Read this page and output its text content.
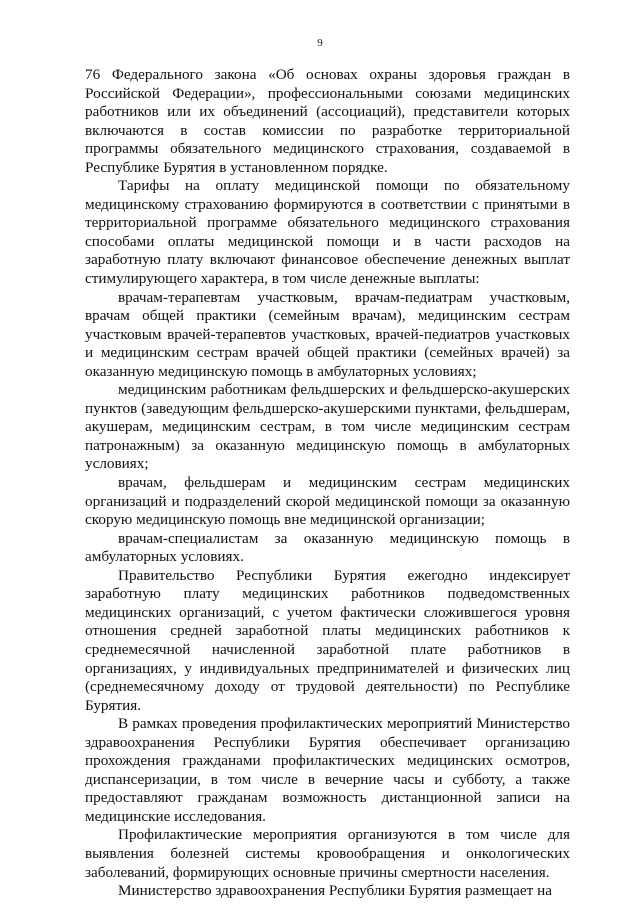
9

76 Федерального закона «Об основах охраны здоровья граждан в Российской Федерации», профессиональными союзами медицинских работников или их объединений (ассоциаций), представители которых включаются в состав комиссии по разработке территориальной программы обязательного медицинского страхования, создаваемой в Республике Бурятия в установленном порядке.

Тарифы на оплату медицинской помощи по обязательному медицинскому страхованию формируются в соответствии с принятыми в территориальной программе обязательного медицинского страхования способами оплаты медицинской помощи и в части расходов на заработную плату включают финансовое обеспечение денежных выплат стимулирующего характера, в том числе денежные выплаты:

врачам-терапевтам участковым, врачам-педиатрам участковым, врачам общей практики (семейным врачам), медицинским сестрам участковым врачей-терапевтов участковых, врачей-педиатров участковых и медицинским сестрам врачей общей практики (семейных врачей) за оказанную медицинскую помощь в амбулаторных условиях;

медицинским работникам фельдшерских и фельдшерско-акушерских пунктов (заведующим фельдшерско-акушерскими пунктами, фельдшерам, акушерам, медицинским сестрам, в том числе медицинским сестрам патронажным) за оказанную медицинскую помощь в амбулаторных условиях;

врачам, фельдшерам и медицинским сестрам медицинских организаций и подразделений скорой медицинской помощи за оказанную скорую медицинскую помощь вне медицинской организации;

врачам-специалистам за оказанную медицинскую помощь в амбулаторных условиях.

Правительство Республики Бурятия ежегодно индексирует заработную плату медицинских работников подведомственных медицинских организаций, с учетом фактически сложившегося уровня отношения средней заработной платы медицинских работников к среднемесячной начисленной заработной плате работников в организациях, у индивидуальных предпринимателей и физических лиц (среднемесячному доходу от трудовой деятельности) по Республике Бурятия.

В рамках проведения профилактических мероприятий Министерство здравоохранения Республики Бурятия обеспечивает организацию прохождения гражданами профилактических медицинских осмотров, диспансеризации, в том числе в вечерние часы и субботу, а также предоставляют гражданам возможность дистанционной записи на медицинские исследования.

Профилактические мероприятия организуются в том числе для выявления болезней системы кровообращения и онкологических заболеваний, формирующих основные причины смертности населения.

Министерство здравоохранения Республики Бурятия размещает на
